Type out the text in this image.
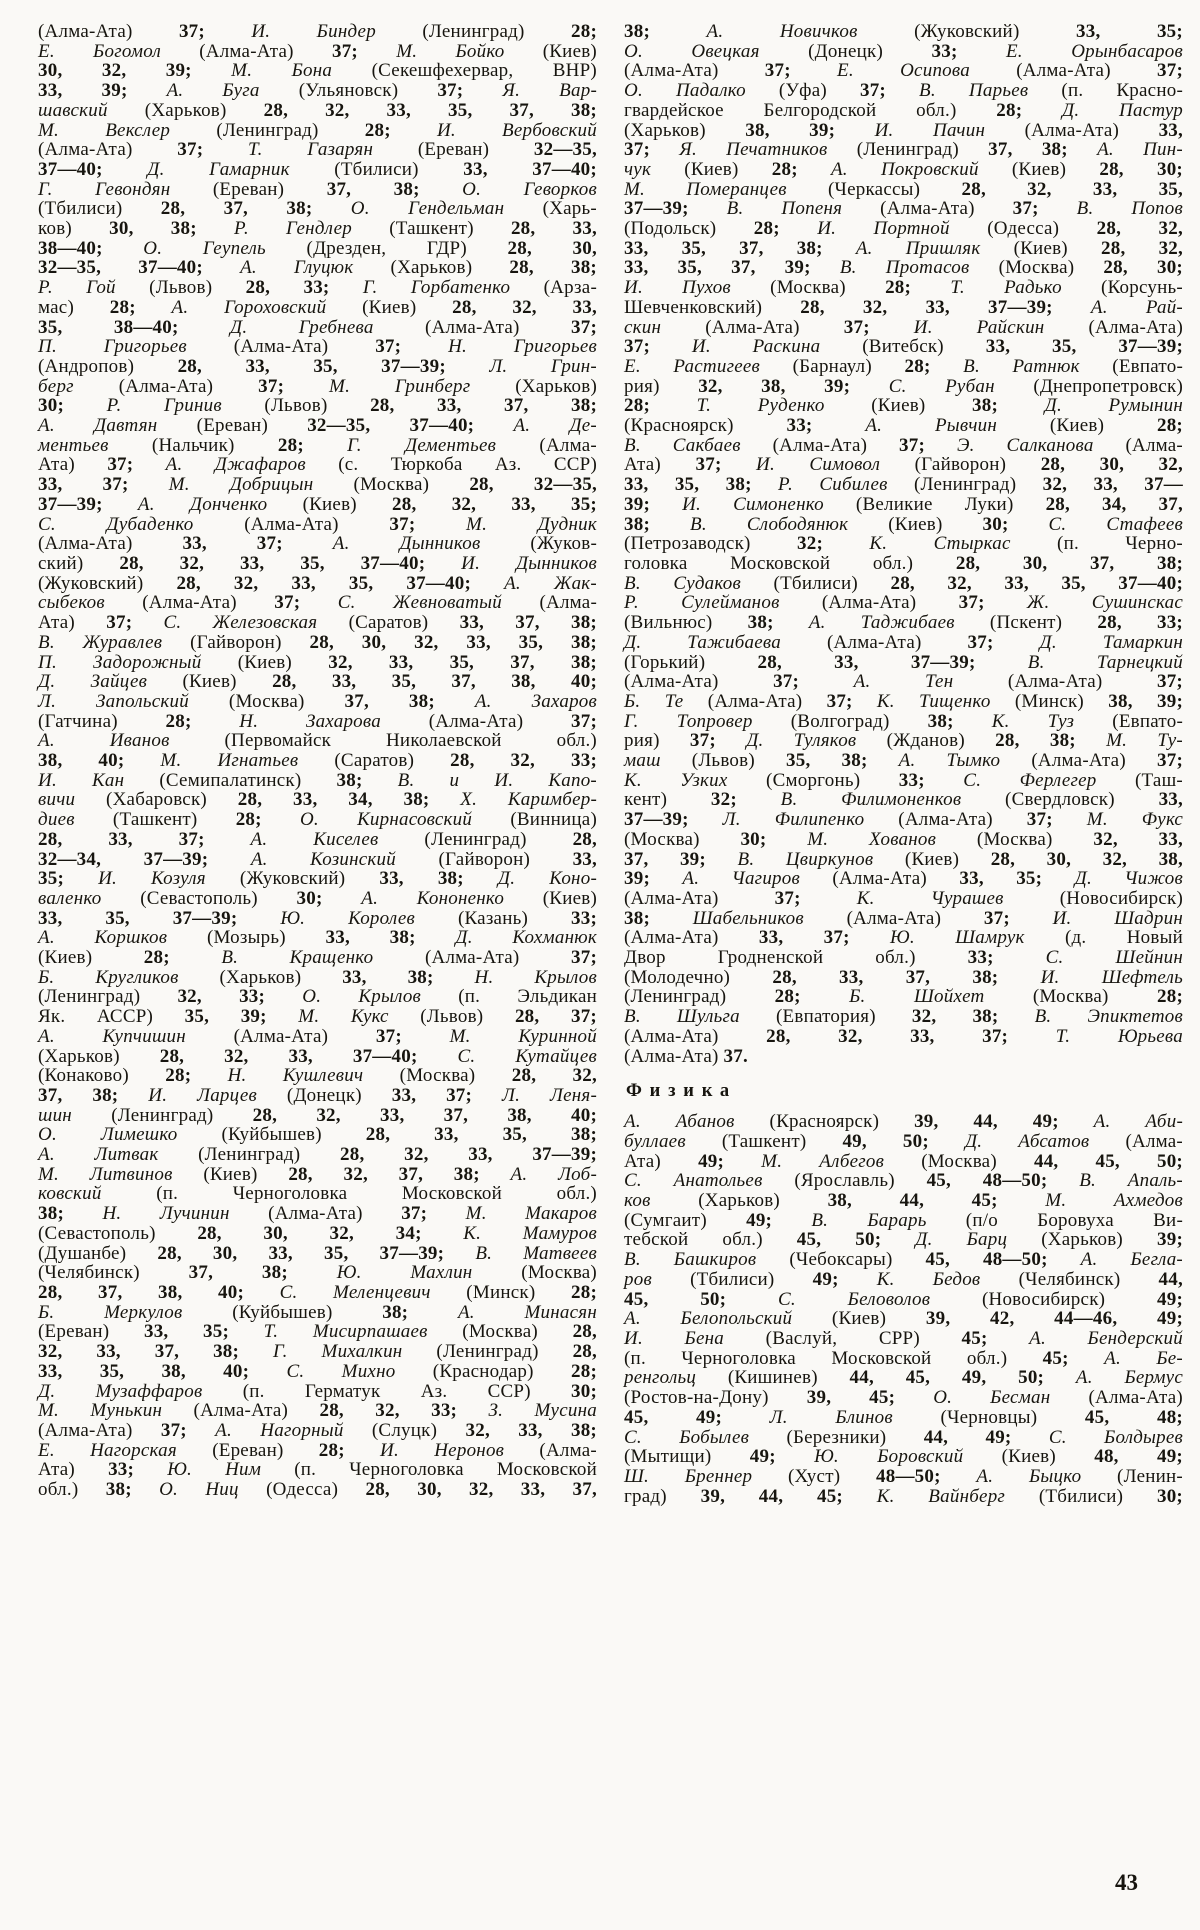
(Алма-Ата) 37; И. Биндер (Ленинград) 28;
Е. Богомол (Алма-Ата) 37; М. Бойко (Киев)
30, 32, 39; М. Бона (Секешфехервар, ВНР)
33, 39; А. Буга (Ульяновск) 37; Я. Вар-
шавский (Харьков) 28, 32, 33, 35, 37, 38;
М. Векслер (Ленинград) 28; И. Вербовский
(Алма-Ата) 37; Т. Газарян (Ереван) 32—35,
37—40; Д. Гамарник (Тбилиси) 33, 37—40;
Г. Гевондян (Ереван) 37, 38; О. Геворков
(Тбилиси) 28, 37, 38; О. Гендельман (Харь-
ков) 30, 38; Р. Гендлер (Ташкент) 28, 33,
38—40; О. Геупель (Дрезден, ГДР) 28, 30,
32—35, 37—40; А. Глуцюк (Харьков) 28, 38;
Р. Гой (Львов) 28, 33; Г. Горбатенко (Арза-
мас) 28; А. Гороховский (Киев) 28, 32, 33,
35, 38—40; Д. Гребнева (Алма-Ата) 37;
П. Григорьев (Алма-Ата) 37; Н. Григорьев
(Андропов) 28, 33, 35, 37—39; Л. Грин-
берг (Алма-Ата) 37; М. Гринберг (Харьков)
30; Р. Гринив (Львов) 28, 33, 37, 38;
А. Давтян (Ереван) 32—35, 37—40; А. Де-
ментьев (Нальчик) 28; Г. Дементьев (Алма-
Ата) 37; А. Джафаров (с. Тюркоба Аз. ССР)
33, 37; М. Добрицын (Москва) 28, 32—35,
37—39; А. Донченко (Киев) 28, 32, 33, 35;
С. Дубаденко (Алма-Ата) 37; М. Дудник
(Алма-Ата) 33, 37; А. Дынников (Жуков-
ский) 28, 32, 33, 35, 37—40; И. Дынников
(Жуковский) 28, 32, 33, 35, 37—40; А. Жак-
сыбеков (Алма-Ата) 37; С. Жевноватый (Алма-
Ата) 37; С. Железовская (Саратов) 33, 37, 38;
В. Журавлев (Гайворон) 28, 30, 32, 33, 35, 38;
П. Задорожный (Киев) 32, 33, 35, 37, 38;
Д. Зайцев (Киев) 28, 33, 35, 37, 38, 40;
Л. Запольский (Москва) 37, 38; А. Захаров
(Гатчина) 28; Н. Захарова (Алма-Ата) 37;
А. Иванов (Первомайск Николаевской обл.)
38, 40; М. Игнатьев (Саратов) 28, 32, 33;
И. Кан (Семипалатинск) 38; В. и И. Капо-
вичи (Хабаровск) 28, 33, 34, 38; Х. Каримбер-
диев (Ташкент) 28; О. Кирнасовский (Винница)
28, 33, 37; А. Киселев (Ленинград) 28,
32—34, 37—39; А. Козинский (Гайворон) 33,
35; И. Козуля (Жуковский) 33, 38; Д. Коно-
валенко (Севастополь) 30; А. Кононенко (Киев)
33, 35, 37—39; Ю. Королев (Казань) 33;
А. Коршков (Мозырь) 33, 38; Д. Кохманюк
(Киев) 28; В. Кращенко (Алма-Ата) 37;
Б. Кругликов (Харьков) 33, 38; Н. Крылов
(Ленинград) 32, 33; О. Крылов (п. Эльдикан
Як. АССР) 35, 39; М. Кукс (Львов) 28, 37;
А. Купчишин (Алма-Ата) 37; М. Куринной
(Харьков) 28, 32, 33, 37—40; С. Кутайцев
(Конаково) 28; Н. Кушлевич (Москва) 28, 32,
37, 38; И. Ларцев (Донецк) 33, 37; Л. Леня-
шин (Ленинград) 28, 32, 33, 37, 38, 40;
О. Лимешко (Куйбышев) 28, 33, 35, 38;
А. Литвак (Ленинград) 28, 32, 33, 37—39;
М. Литвинов (Киев) 28, 32, 37, 38; А. Лоб-
ковский (п. Черноголовка Московской обл.)
38; Н. Лучинин (Алма-Ата) 37; М. Макаров
(Севастополь) 28, 30, 32, 34; К. Мамуров
(Душанбе) 28, 30, 33, 35, 37—39; В. Матвеев
(Челябинск) 37, 38; Ю. Махлин (Москва)
28, 37, 38, 40; С. Меленцевич (Минск) 28;
Б. Меркулов (Куйбышев) 38; А. Минасян
(Ереван) 33, 35; Т. Мисирпашаев (Москва) 28,
32, 33, 37, 38; Г. Михалкин (Ленинград) 28,
33, 35, 38, 40; С. Михно (Краснодар) 28;
Д. Музаффаров (п. Герматук Аз. ССР) 30;
М. Мунькин (Алма-Ата) 28, 32, 33; З. Мусина
(Алма-Ата) 37; А. Нагорный (Слуцк) 32, 33, 38;
Е. Нагорская (Ереван) 28; И. Неронов (Алма-
Ата) 33; Ю. Ним (п. Черноголовка Московской
обл.) 38; О. Ниц (Одесса) 28, 30, 32, 33, 37,
38; А. Новичков (Жуковский) 33, 35;
О. Овецкая (Донецк) 33; Е. Орынбасаров
(Алма-Ата) 37; Е. Осипова (Алма-Ата) 37;
О. Падалко (Уфа) 37; В. Парьев (п. Красно-
гвардейское Белгородской обл.) 28; Д. Пастур
(Харьков) 38, 39; И. Пачин (Алма-Ата) 33,
37; Я. Печатников (Ленинград) 37, 38; А. Пин-
чук (Киев) 28; А. Покровский (Киев) 28, 30;
М. Померанцев (Черкассы) 28, 32, 33, 35,
37—39; В. Попеня (Алма-Ата) 37; В. Попов
(Подольск) 28; И. Портной (Одесса) 28, 32,
33, 35, 37, 38; А. Пришляк (Киев) 28, 32,
33, 35, 37, 39; В. Протасов (Москва) 28, 30;
И. Пухов (Москва) 28; Т. Радько (Корсунь-
Шевченковский) 28, 32, 33, 37—39; А. Рай-
скин (Алма-Ата) 37; И. Райскин (Алма-Ата)
37; И. Раскина (Витебск) 33, 35, 37—39;
Е. Растигеев (Барнаул) 28; В. Ратнюк (Евпато-
рия) 32, 38, 39; С. Рубан (Днепропетровск)
28; Т. Руденко (Киев) 38; Д. Румынин
(Красноярск) 33; А. Рывчин (Киев) 28;
В. Сакбаев (Алма-Ата) 37; Э. Салканова (Алма-
Ата) 37; И. Симовол (Гайворон) 28, 30, 32,
33, 35, 38; Р. Сибилев (Ленинград) 32, 33, 37—
39; И. Симоненко (Великие Луки) 28, 34, 37,
38; В. Слободянюк (Киев) 30; С. Стафеев
(Петрозаводск) 32; К. Стыркас (п. Черно-
головка Московской обл.) 28, 30, 37, 38;
В. Судаков (Тбилиси) 28, 32, 33, 35, 37—40;
Р. Сулейманов (Алма-Ата) 37; Ж. Сушинскас
(Вильнюс) 38; А. Таджибаев (Пскент) 28, 33;
Д. Тажибаева (Алма-Ата) 37; Д. Тамаркин
(Горький) 28, 33, 37—39; В. Тарнецкий
(Алма-Ата) 37; А. Тен (Алма-Ата) 37;
Б. Те (Алма-Ата) 37; К. Тищенко (Минск) 38, 39;
Г. Топровер (Волгоград) 38; К. Туз (Евпато-
рия) 37; Д. Туляков (Жданов) 28, 38; М. Ту-
маш (Львов) 35, 38; А. Тымко (Алма-Ата) 37;
К. Узких (Сморгонь) 33; С. Ферлегер (Таш-
кент) 32; В. Филимоненков (Свердловск) 33,
37—39; Л. Филипенко (Алма-Ата) 37; М. Фукс
(Москва) 30; М. Хованов (Москва) 32, 33,
37, 39; В. Цвиркунов (Киев) 28, 30, 32, 38,
39; А. Чагиров (Алма-Ата) 33, 35; Д. Чижов
(Алма-Ата) 37; К. Чурашев (Новосибирск)
38; Шабельников (Алма-Ата) 37; И. Шадрин
(Алма-Ата) 33, 37; Ю. Шамрук (д. Новый
Двор Гродненской обл.) 33; С. Шейнин
(Молодечно) 28, 33, 37, 38; И. Шефтель
(Ленинград) 28; Б. Шойхет (Москва) 28;
В. Шульга (Евпатория) 32, 38; В. Эпиктетов
(Алма-Ата) 28, 32, 33, 37; Т. Юрьева
(Алма-Ата) 37.
Физика
А. Абанов (Красноярск) 39, 44, 49; А. Аби-
буллаев (Ташкент) 49, 50; Д. Абсатов (Алма-
Ата) 49; М. Албегов (Москва) 44, 45, 50;
С. Анатольев (Ярославль) 45, 48—50; В. Апаль-
ков (Харьков) 38, 44, 45; М. Ахмедов
(Сумгаит) 49; В. Барарь (п/о Боровуха Ви-
тебской обл.) 45, 50; Д. Барц (Харьков) 39;
В. Башкиров (Чебоксары) 45, 48—50; А. Бегла-
ров (Тбилиси) 49; К. Бедов (Челябинск) 44,
45, 50; С. Беловолов (Новосибирск) 49;
А. Белопольский (Киев) 39, 42, 44—46, 49;
И. Бена (Васлуй, СРР) 45; А. Бендерский
(п. Черноголовка Московской обл.) 45; А. Бе-
ренгольц (Кишинев) 44, 45, 49, 50; А. Бермус
(Ростов-на-Дону) 39, 45; О. Бесман (Алма-Ата)
45, 49; Л. Блинов (Черновцы) 45, 48;
С. Бобылев (Березники) 44, 49; С. Болдырев
(Мытищи) 49; Ю. Боровский (Киев) 48, 49;
Ш. Бреннер (Хуст) 48—50; А. Быцко (Ленин-
град) 39, 44, 45; К. Вайнберг (Тбилиси) 30;
43
